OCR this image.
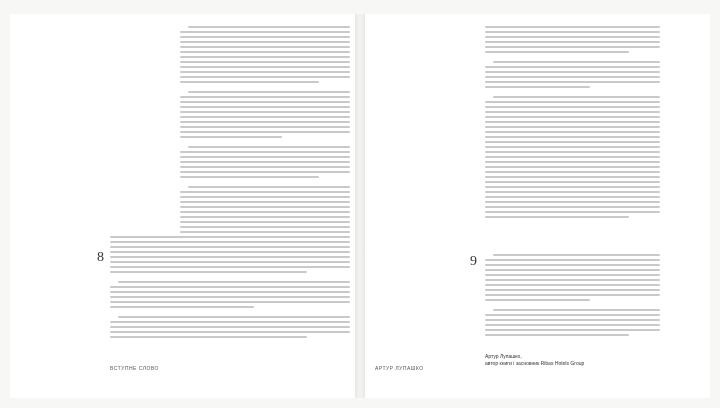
8
ВСТУПНЕ СЛОВО
9
Артур Лупашко,
автор книги і засновник Ribas Hotels Group
АРТУР ЛУПАШКО
